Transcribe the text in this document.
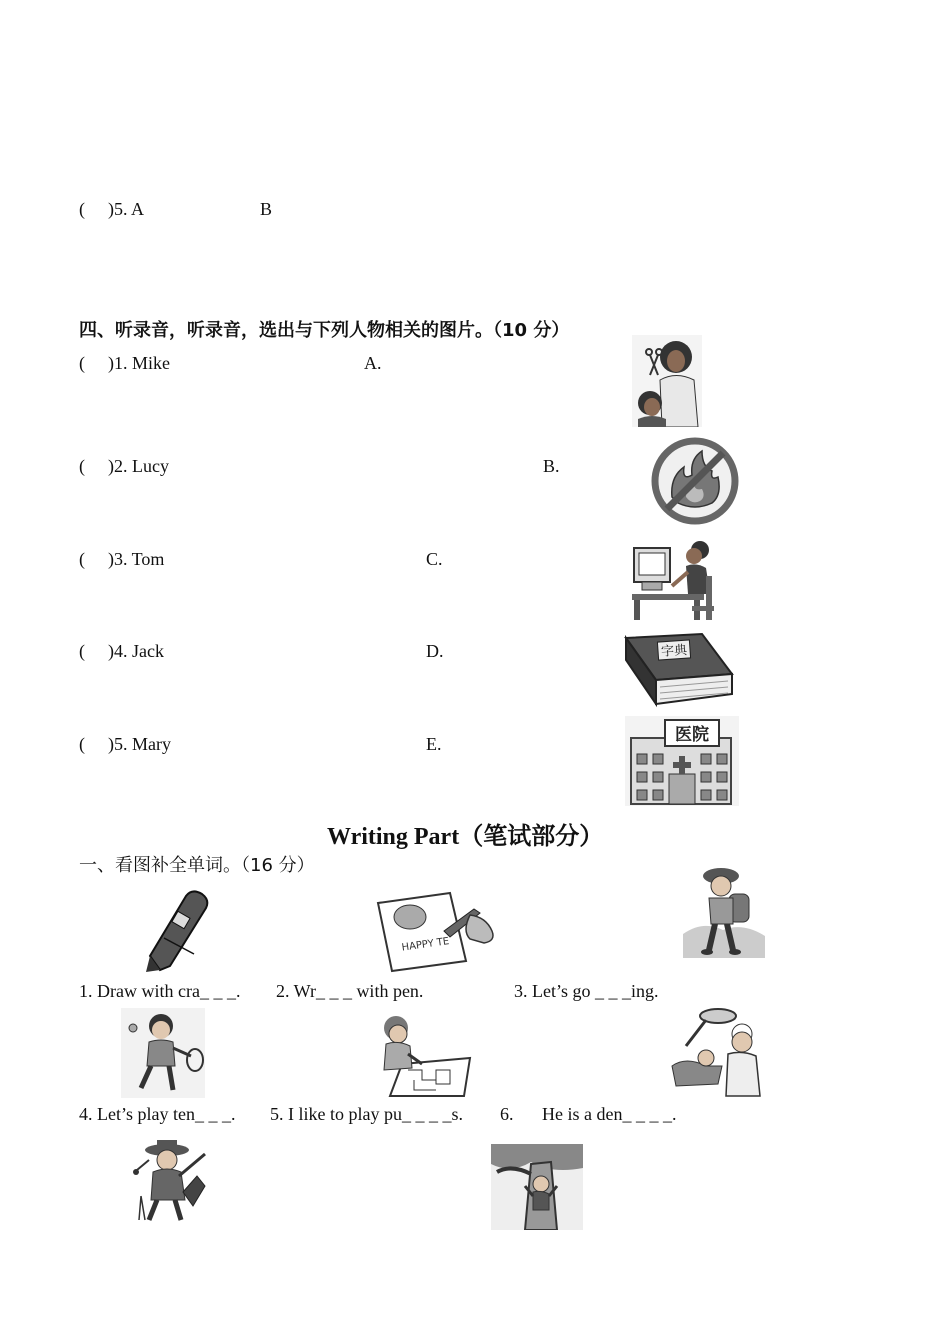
( )5. A	B
四、听录音，听录音，选出与下列人物相关的图片。（10 分）
( )1. Mike	A.
( )2. Lucy	B.
( )3. Tom	C.
( )4. Jack	D.
( )5. Mary	E.
字典
医院
Writing Part（笔试部分）
一、看图补全单词。（16 分）
HAPPY TE
1. Draw with cra_ _ _. 2. Wr_ _ _ with pen.	3. Let’s go _ _ _ing.
4. Let’s play ten_ _ _. 5. I like to play pu_ _ _ _s. 6. He is a den_ _ _ _.
